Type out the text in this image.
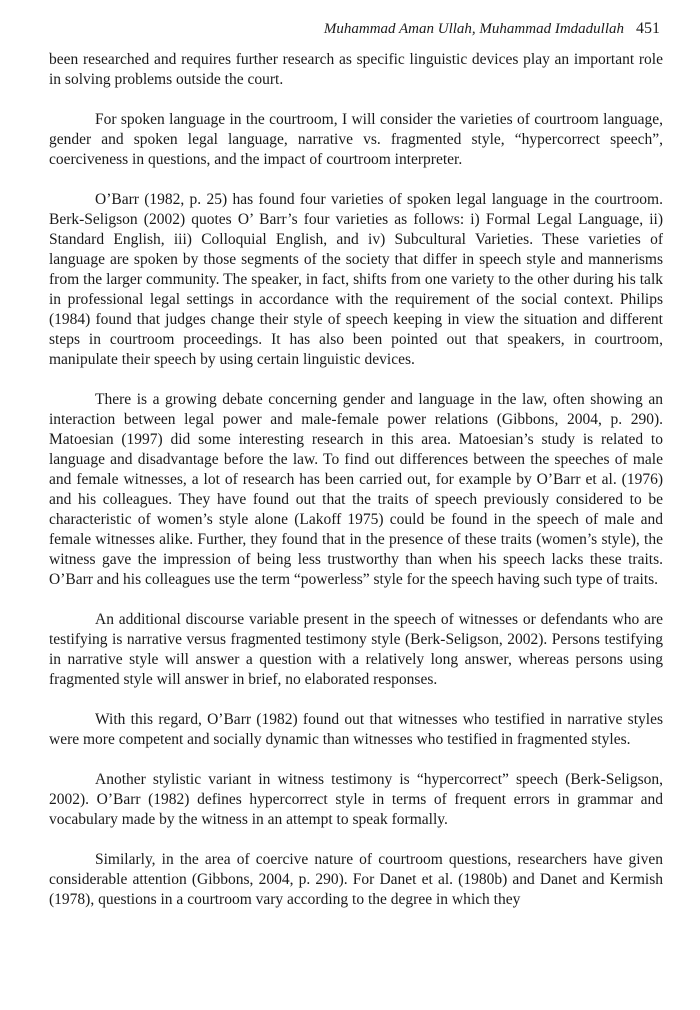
Muhammad Aman Ullah, Muhammad Imdadullah 451

been researched and requires further research as specific linguistic devices play an important role in solving problems outside the court.

For spoken language in the courtroom, I will consider the varieties of courtroom language, gender and spoken legal language, narrative vs. fragmented style, “hypercorrect speech”, coerciveness in questions, and the impact of courtroom interpreter.

O’Barr (1982, p. 25) has found four varieties of spoken legal language in the courtroom. Berk-Seligson (2002) quotes O’ Barr’s four varieties as follows: i) Formal Legal Language, ii) Standard English, iii) Colloquial English, and iv) Subcultural Varieties. These varieties of language are spoken by those segments of the society that differ in speech style and mannerisms from the larger community. The speaker, in fact, shifts from one variety to the other during his talk in professional legal settings in accordance with the requirement of the social context. Philips (1984) found that judges change their style of speech keeping in view the situation and different steps in courtroom proceedings. It has also been pointed out that speakers, in courtroom, manipulate their speech by using certain linguistic devices.

There is a growing debate concerning gender and language in the law, often showing an interaction between legal power and male-female power relations (Gibbons, 2004, p. 290). Matoesian (1997) did some interesting research in this area. Matoesian’s study is related to language and disadvantage before the law. To find out differences between the speeches of male and female witnesses, a lot of research has been carried out, for example by O’Barr et al. (1976) and his colleagues. They have found out that the traits of speech previously considered to be characteristic of women’s style alone (Lakoff 1975) could be found in the speech of male and female witnesses alike. Further, they found that in the presence of these traits (women’s style), the witness gave the impression of being less trustworthy than when his speech lacks these traits. O’Barr and his colleagues use the term “powerless” style for the speech having such type of traits.

An additional discourse variable present in the speech of witnesses or defendants who are testifying is narrative versus fragmented testimony style (Berk-Seligson, 2002). Persons testifying in narrative style will answer a question with a relatively long answer, whereas persons using fragmented style will answer in brief, no elaborated responses.

With this regard, O’Barr (1982) found out that witnesses who testified in narrative styles were more competent and socially dynamic than witnesses who testified in fragmented styles.

Another stylistic variant in witness testimony is “hypercorrect” speech (Berk-Seligson, 2002). O’Barr (1982) defines hypercorrect style in terms of frequent errors in grammar and vocabulary made by the witness in an attempt to speak formally.

Similarly, in the area of coercive nature of courtroom questions, researchers have given considerable attention (Gibbons, 2004, p. 290). For Danet et al. (1980b) and Danet and Kermish (1978), questions in a courtroom vary according to the degree in which they
